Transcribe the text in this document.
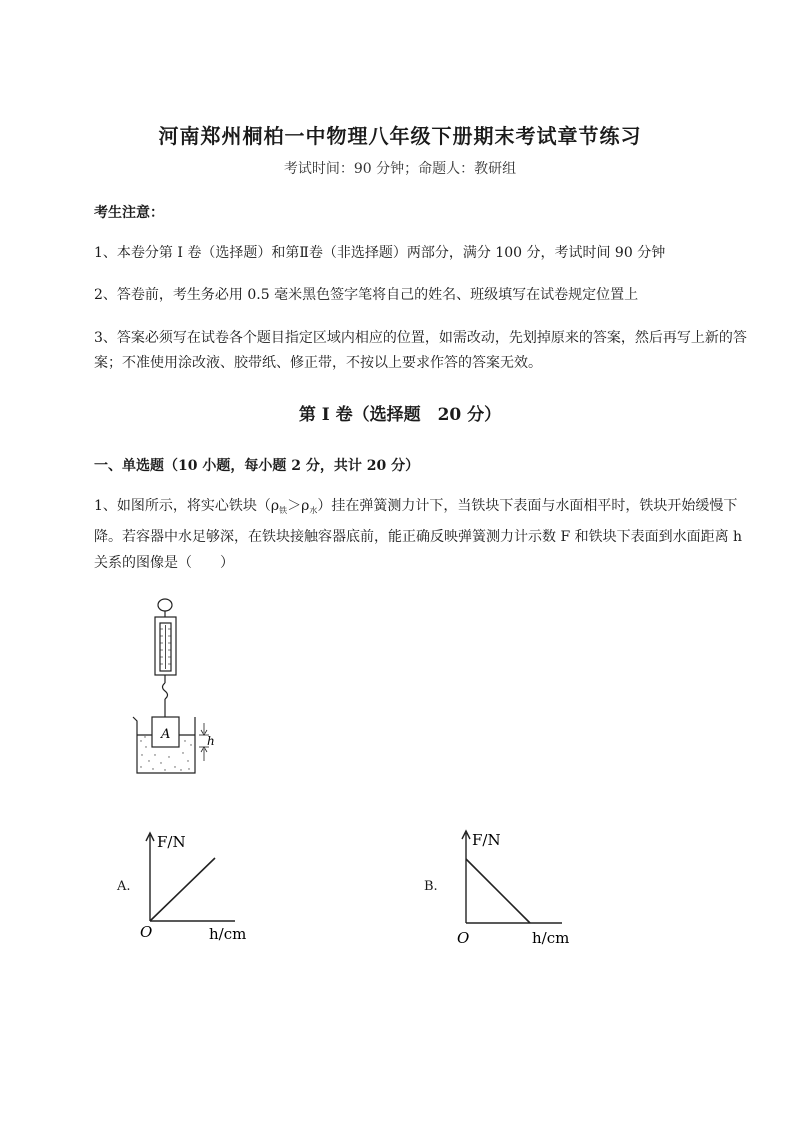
河南郑州桐柏一中物理八年级下册期末考试章节练习
考试时间：90 分钟；命题人：教研组
考生注意：
1、本卷分第 I 卷（选择题）和第Ⅱ卷（非选择题）两部分，满分 100 分，考试时间 90 分钟
2、答卷前，考生务必用 0.5 毫米黑色签字笔将自己的姓名、班级填写在试卷规定位置上
3、答案必须写在试卷各个题目指定区域内相应的位置，如需改动，先划掉原来的答案，然后再写上新的答案；不准使用涂改液、胶带纸、修正带，不按以上要求作答的答案无效。
第 I 卷（选择题　20 分）
一、单选题（10 小题，每小题 2 分，共计 20 分）
1、如图所示，将实心铁块$(\rho_铁>\rho_水)$挂在弹簧测力计下，当铁块下表面与水面相平时，铁块开始缓慢下降。若容器中水足够深，在铁块接触容器底前，能正确反映弹簧测力计示数 F 和铁块下表面到水面距离 h 关系的图像是（　　）
A	h
A.
F/N
h/cm
O
B.
F/N
h/cm
O
